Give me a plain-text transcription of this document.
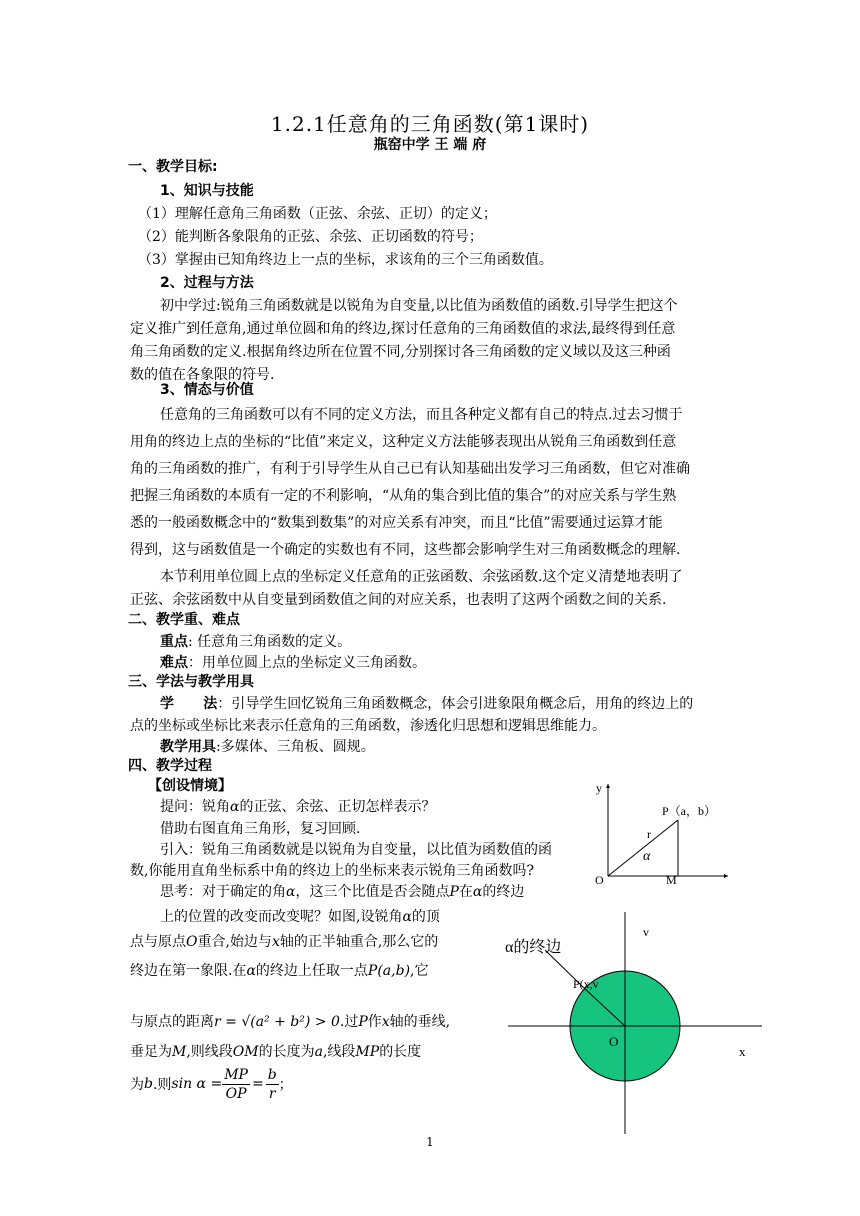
1.2.1任意角的三角函数(第1课时)
瓶窑中学 王 端 府
一、教学目标:
1、知识与技能
（1）理解任意角三角函数（正弦、余弦、正切）的定义；
（2）能判断各象限角的正弦、余弦、正切函数的符号；
（3）掌握由已知角终边上一点的坐标，求该角的三个三角函数值。
2、过程与方法
初中学过:锐角三角函数就是以锐角为自变量,以比值为函数值的函数.引导学生把这个
定义推广到任意角,通过单位圆和角的终边,探讨任意角的三角函数值的求法,最终得到任意
角三角函数的定义.根据角终边所在位置不同,分别探讨各三角函数的定义域以及这三种函
数的值在各象限的符号.
3、情态与价值
任意角的三角函数可以有不同的定义方法，而且各种定义都有自己的特点.过去习惯于
用角的终边上点的坐标的“比值”来定义，这种定义方法能够表现出从锐角三角函数到任意
角的三角函数的推广，有利于引导学生从自己已有认知基础出发学习三角函数，但它对准确
把握三角函数的本质有一定的不利影响，“从角的集合到比值的集合”的对应关系与学生熟
悉的一般函数概念中的“数集到数集”的对应关系有冲突，而且“比值”需要通过运算才能
得到，这与函数值是一个确定的实数也有不同，这些都会影响学生对三角函数概念的理解.
本节利用单位圆上点的坐标定义任意角的正弦函数、余弦函数.这个定义清楚地表明了
正弦、余弦函数中从自变量到函数值之间的对应关系，也表明了这两个函数之间的关系.
二、教学重、难点
重点: 任意角三角函数的定义。
难点：用单位圆上点的坐标定义三角函数。
三、学法与教学用具
学      法：引导学生回忆锐角三角函数概念，体会引进象限角概念后，用角的终边上的
点的坐标或坐标比来表示任意角的三角函数，渗透化归思想和逻辑思维能力。
教学用具:多媒体、三角板、圆规。
四、教学过程
【创设情境】
提问：锐角α的正弦、余弦、正切怎样表示？
借助右图直角三角形，复习回顾.
引入：锐角三角函数就是以锐角为自变量，以比值为函数值的函
数,你能用直角坐标系中角的终边上的坐标来表示锐角三角函数吗?
思考：对于确定的角α，这三个比值是否会随点P在α的终边
上的位置的改变而改变呢？如图,设锐角α的顶
点与原点O重合,始边与x轴的正半轴重合,那么它的
终边在第一象限.在α的终边上任取一点P(a,b),它
与原点的距离r = √(a² + b²) > 0.过P作x轴的垂线,
垂足为M,则线段OM的长度为a,线段MP的长度
为 b .则 $\sin \alpha = \frac{MP}{OP} = \frac{b}{r}$ ；
y
P（a，b）
r
α
O	M
v
x
O
P(x,v
α的终边
1
